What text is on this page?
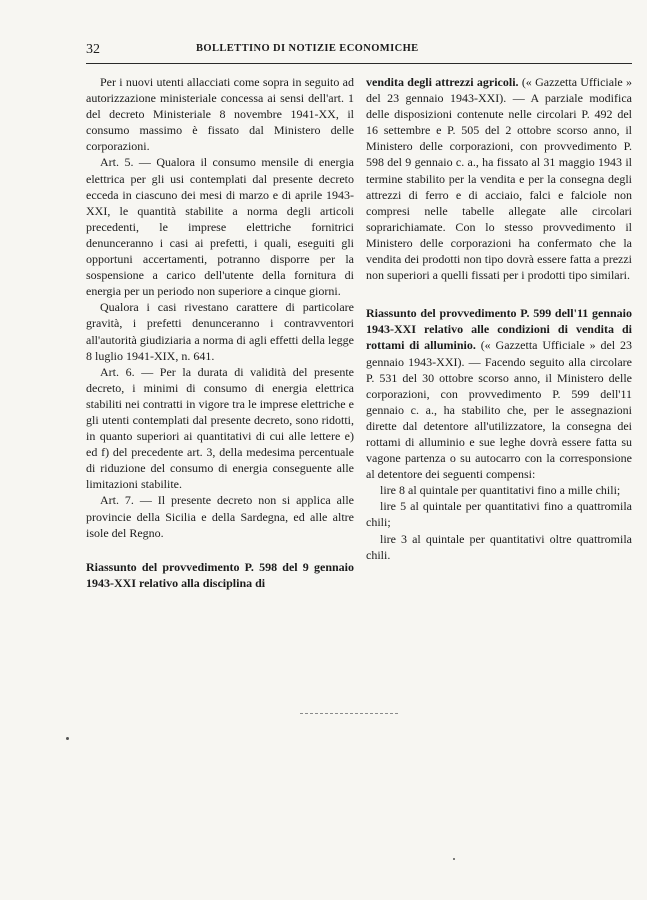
32	BOLLETTINO DI NOTIZIE ECONOMICHE

Per i nuovi utenti allacciati come sopra in seguito ad autorizzazione ministeriale concessa ai sensi dell'art. 1 del decreto Ministeriale 8 novembre 1941-XX, il consumo massimo è fissato dal Ministero delle corporazioni.

Art. 5. — Qualora il consumo mensile di energia elettrica per gli usi contemplati dal presente decreto ecceda in ciascuno dei mesi di marzo e di aprile 1943-XXI, le quantità stabilite a norma degli articoli precedenti, le imprese elettriche fornitrici denunceranno i casi ai prefetti, i quali, eseguiti gli opportuni accertamenti, potranno disporre per la sospensione a carico dell'utente della fornitura di energia per un periodo non superiore a cinque giorni.

Qualora i casi rivestano carattere di particolare gravità, i prefetti denunceranno i contravventori all'autorità giudiziaria a norma di agli effetti della legge 8 luglio 1941-XIX, n. 641.

Art. 6. — Per la durata di validità del presente decreto, i minimi di consumo di energia elettrica stabiliti nei contratti in vigore tra le imprese elettriche e gli utenti contemplati dal presente decreto, sono ridotti, in quanto superiori ai quantitativi di cui alle lettere e) ed f) del precedente art. 3, della medesima percentuale di riduzione del consumo di energia conseguente alle limitazioni stabilite.

Art. 7. — Il presente decreto non si applica alle provincie della Sicilia e della Sardegna, ed alle altre isole del Regno.

Riassunto del provvedimento P. 598 del 9 gennaio 1943-XXI relativo alla disciplina di

vendita degli attrezzi agricoli. (« Gazzetta Ufficiale » del 23 gennaio 1943-XXI). — A parziale modifica delle disposizioni contenute nelle circolari P. 492 del 16 settembre e P. 505 del 2 ottobre scorso anno, il Ministero delle corporazioni, con provvedimento P. 598 del 9 gennaio c. a., ha fissato al 31 maggio 1943 il termine stabilito per la vendita e per la consegna degli attrezzi di ferro e di acciaio, falci e falciole non compresi nelle tabelle allegate alle circolari soprarichiamate. Con lo stesso provvedimento il Ministero delle corporazioni ha confermato che la vendita dei prodotti non tipo dovrà essere fatta a prezzi non superiori a quelli fissati per i prodotti tipo similari.

Riassunto del provvedimento P. 599 dell'11 gennaio 1943-XXI relativo alle condizioni di vendita di rottami di alluminio. (« Gazzetta Ufficiale » del 23 gennaio 1943-XXI). — Facendo seguito alla circolare P. 531 del 30 ottobre scorso anno, il Ministero delle corporazioni, con provvedimento P. 599 dell'11 gennaio c. a., ha stabilito che, per le assegnazioni dirette dal detentore all'utilizzatore, la consegna dei rottami di alluminio e sue leghe dovrà essere fatta su vagone partenza o su autocarro con la corresponsione al detentore dei seguenti compensi:

lire 8 al quintale per quantitativi fino a mille chili;

lire 5 al quintale per quantitativi fino a quattromila chili;

lire 3 al quintale per quantitativi oltre quattromila chili.
